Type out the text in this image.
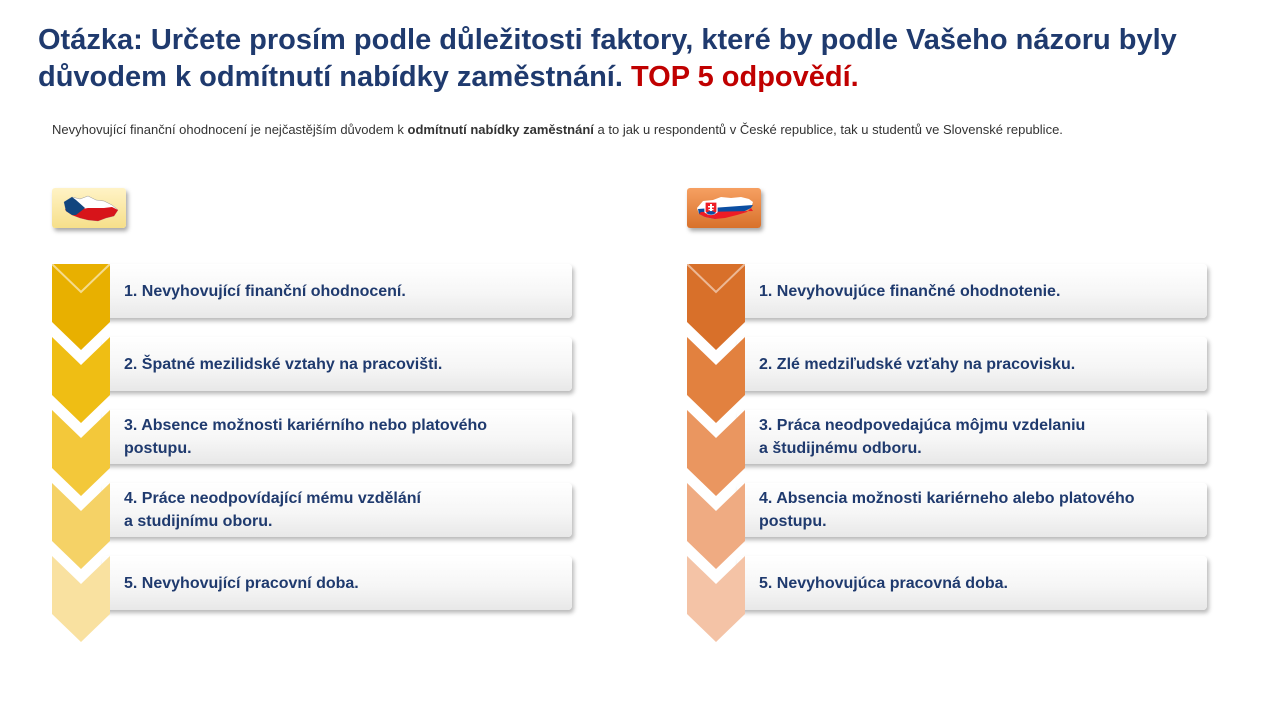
Otázka: Určete prosím podle důležitosti faktory, které by podle Vašeho názoru byly důvodem k odmítnutí nabídky zaměstnání. TOP 5 odpovědí.
Nevyhovující finanční ohodnocení je nejčastějším důvodem k odmítnutí nabídky zaměstnání a to jak u respondentů v České republice, tak u studentů ve Slovenské republice.
1. Nevyhovující finanční ohodnocení.
2. Špatné mezilidské vztahy na pracovišti.
3. Absence možnosti kariérního nebo platového
postupu.
4. Práce neodpovídající mému vzdělání
a studijnímu oboru.
5. Nevyhovující pracovní doba.
1. Nevyhovujúce finančné ohodnotenie.
2. Zlé medziľudské vzťahy na pracovisku.
3. Práca neodpovedajúca môjmu vzdelaniu
a študijnému odboru.
4. Absencia možnosti kariérneho alebo platového
postupu.
5. Nevyhovujúca pracovná doba.
